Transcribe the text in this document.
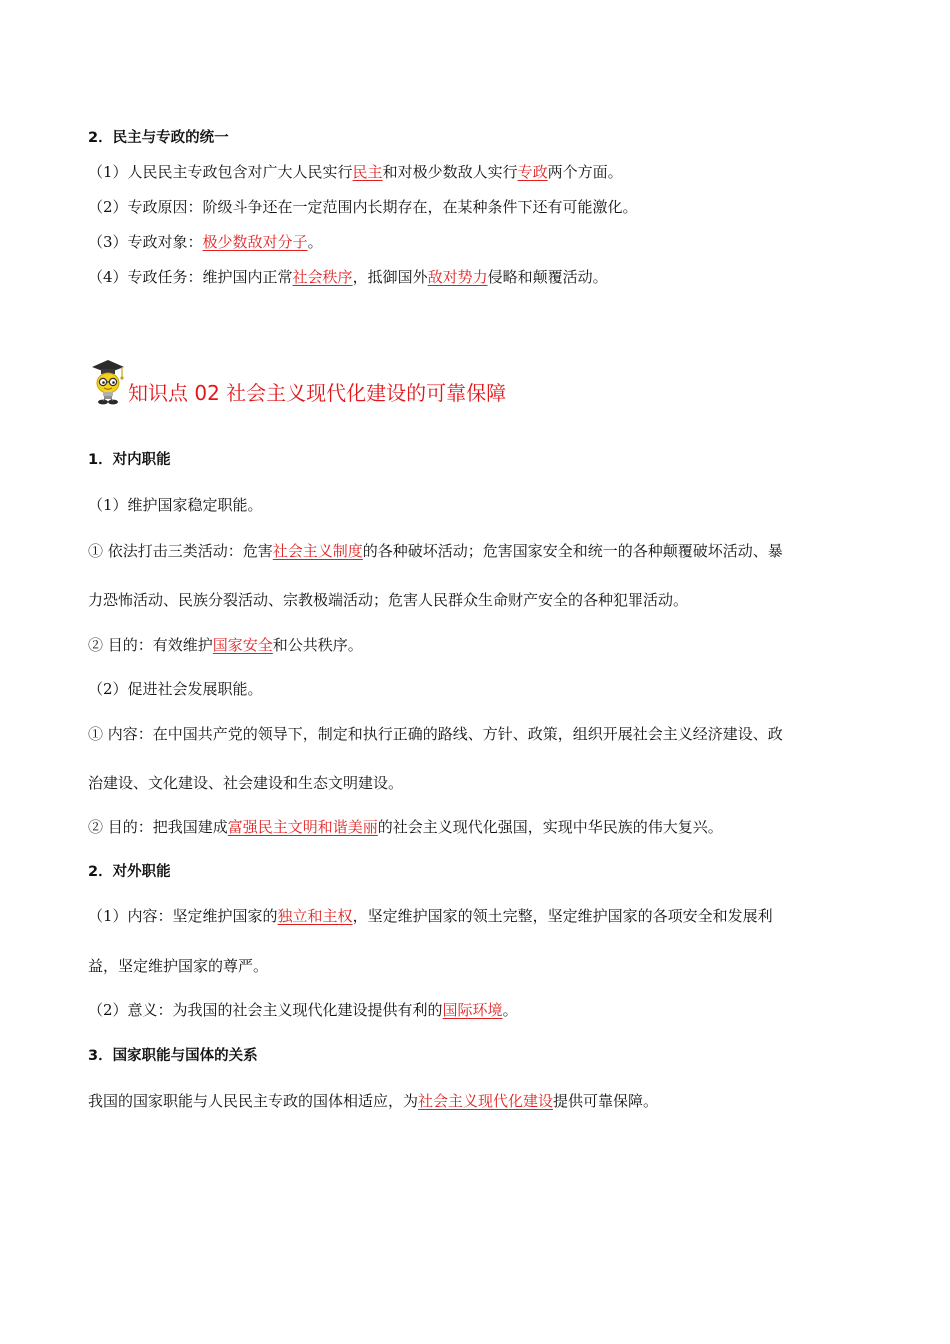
2．民主与专政的统一
（1）人民民主专政包含对广大人民实行民主和对极少数敌人实行专政两个方面。
（2）专政原因：阶级斗争还在一定范围内长期存在，在某种条件下还有可能激化。
（3）专政对象：极少数敌对分子。
（4）专政任务：维护国内正常社会秩序，抵御国外敌对势力侵略和颠覆活动。
知识点 02 社会主义现代化建设的可靠保障
1．对内职能
（1）维护国家稳定职能。
① 依法打击三类活动：危害社会主义制度的各种破坏活动；危害国家安全和统一的各种颠覆破坏活动、暴
力恐怖活动、民族分裂活动、宗教极端活动；危害人民群众生命财产安全的各种犯罪活动。
② 目的：有效维护国家安全和公共秩序。
（2）促进社会发展职能。
① 内容：在中国共产党的领导下，制定和执行正确的路线、方针、政策，组织开展社会主义经济建设、政
治建设、文化建设、社会建设和生态文明建设。
② 目的：把我国建成富强民主文明和谐美丽的社会主义现代化强国，实现中华民族的伟大复兴。
2．对外职能
（1）内容：坚定维护国家的独立和主权，坚定维护国家的领土完整，坚定维护国家的各项安全和发展利
益，坚定维护国家的尊严。
（2）意义：为我国的社会主义现代化建设提供有利的国际环境。
3．国家职能与国体的关系
我国的国家职能与人民民主专政的国体相适应，为社会主义现代化建设提供可靠保障。
